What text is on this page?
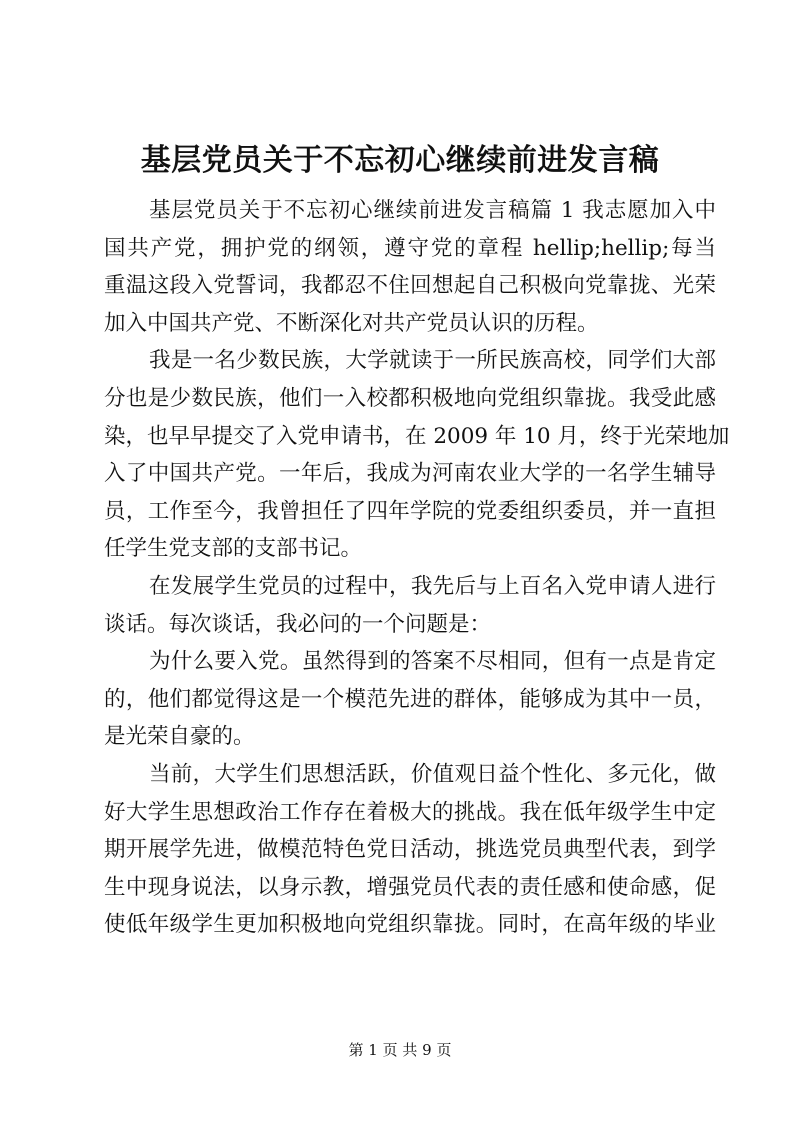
基层党员关于不忘初心继续前进发言稿
基层党员关于不忘初心继续前进发言稿篇 1 我志愿加入中
国共产党，拥护党的纲领，遵守党的章程 hellip;hellip;每当
重温这段入党誓词，我都忍不住回想起自己积极向党靠拢、光荣
加入中国共产党、不断深化对共产党员认识的历程。
我是一名少数民族，大学就读于一所民族高校，同学们大部
分也是少数民族，他们一入校都积极地向党组织靠拢。我受此感
染，也早早提交了入党申请书，在 2009 年 10 月，终于光荣地加
入了中国共产党。一年后，我成为河南农业大学的一名学生辅导
员，工作至今，我曾担任了四年学院的党委组织委员，并一直担
任学生党支部的支部书记。
在发展学生党员的过程中，我先后与上百名入党申请人进行
谈话。每次谈话，我必问的一个问题是：
为什么要入党。虽然得到的答案不尽相同，但有一点是肯定
的，他们都觉得这是一个模范先进的群体，能够成为其中一员，
是光荣自豪的。
当前，大学生们思想活跃，价值观日益个性化、多元化，做
好大学生思想政治工作存在着极大的挑战。我在低年级学生中定
期开展学先进，做模范特色党日活动，挑选党员典型代表，到学
生中现身说法，以身示教，增强党员代表的责任感和使命感，促
使低年级学生更加积极地向党组织靠拢。同时，在高年级的毕业
第 1 页 共 9 页
